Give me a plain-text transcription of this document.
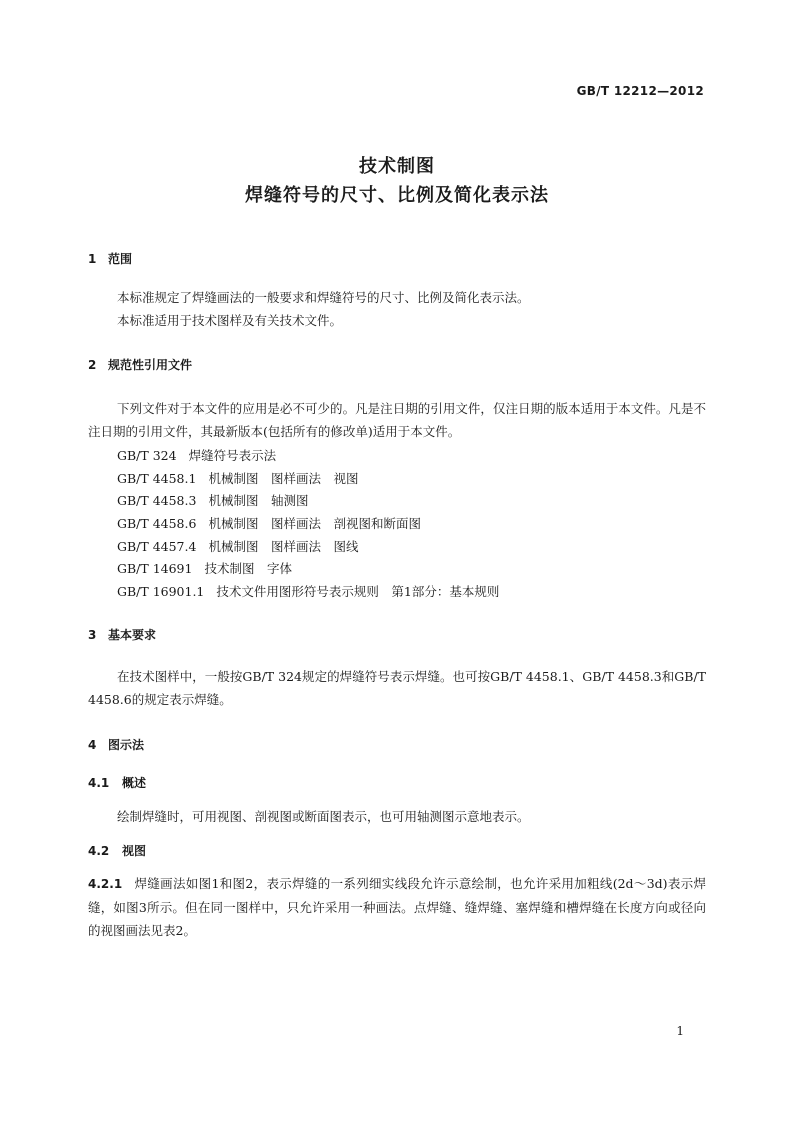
GB/T 12212—2012
技术制图
焊缝符号的尺寸、比例及简化表示法
1 范围
本标准规定了焊缝画法的一般要求和焊缝符号的尺寸、比例及简化表示法。
本标准适用于技术图样及有关技术文件。
2 规范性引用文件
下列文件对于本文件的应用是必不可少的。凡是注日期的引用文件，仅注日期的版本适用于本文件。凡是不注日期的引用文件，其最新版本(包括所有的修改单)适用于本文件。
GB/T 324 焊缝符号表示法
GB/T 4458.1 机械制图　图样画法　视图
GB/T 4458.3 机械制图　轴测图
GB/T 4458.6 机械制图　图样画法　剖视图和断面图
GB/T 4457.4 机械制图　图样画法　图线
GB/T 14691 技术制图　字体
GB/T 16901.1 技术文件用图形符号表示规则　第1部分：基本规则
3 基本要求
在技术图样中，一般按GB/T 324规定的焊缝符号表示焊缝。也可按GB/T 4458.1、GB/T 4458.3和GB/T 4458.6的规定表示焊缝。
4 图示法
4.1 概述
绘制焊缝时，可用视图、剖视图或断面图表示，也可用轴测图示意地表示。
4.2 视图
4.2.1 焊缝画法如图1和图2，表示焊缝的一系列细实线段允许示意绘制，也允许采用加粗线(2d～3d)表示焊缝，如图3所示。但在同一图样中，只允许采用一种画法。点焊缝、缝焊缝、塞焊缝和槽焊缝在长度方向或径向的视图画法见表2。
1
